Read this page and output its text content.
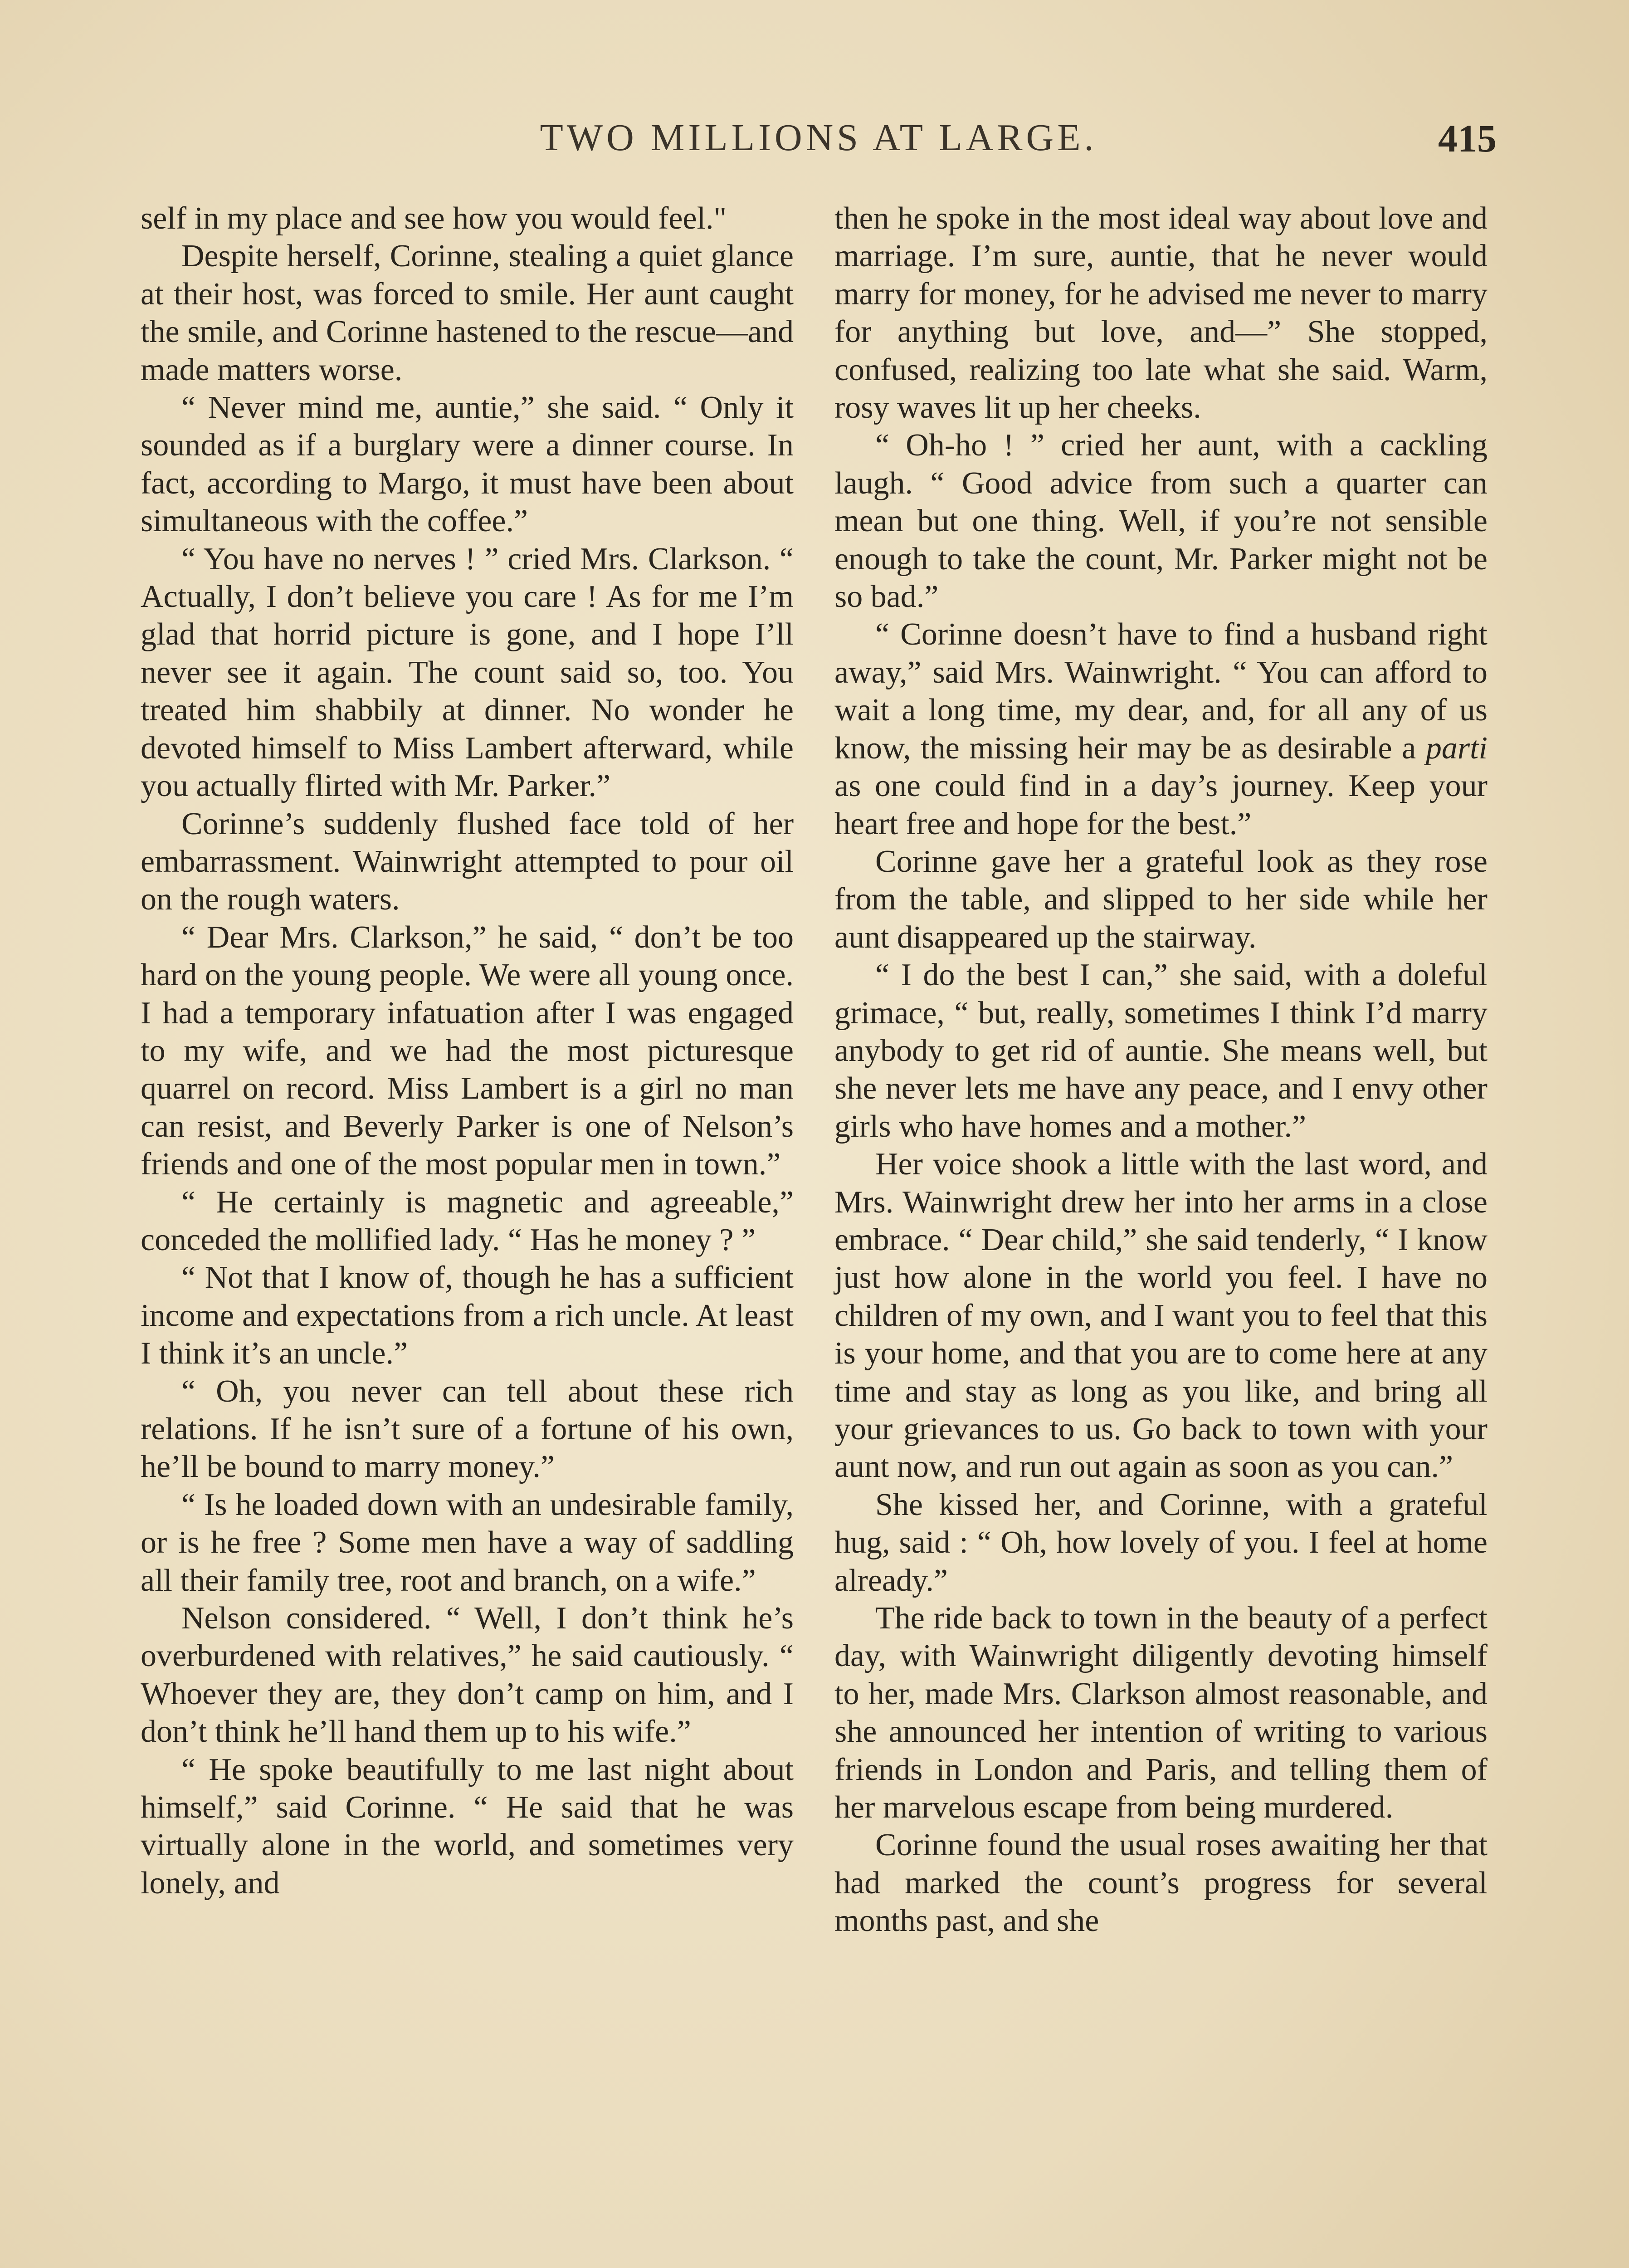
TWO MILLIONS AT LARGE.	415

self in my place and see how you would feel."

Despite herself, Corinne, stealing a quiet glance at their host, was forced to smile. Her aunt caught the smile, and Corinne hastened to the rescue—and made matters worse.

“ Never mind me, auntie,” she said. “ Only it sounded as if a burglary were a dinner course. In fact, according to Margo, it must have been about simultaneous with the coffee.”

“ You have no nerves ! ” cried Mrs. Clarkson. “ Actually, I don’t believe you care ! As for me I’m glad that horrid picture is gone, and I hope I’ll never see it again. The count said so, too. You treated him shabbily at dinner. No wonder he devoted himself to Miss Lambert afterward, while you actually flirted with Mr. Parker.”

Corinne’s suddenly flushed face told of her embarrassment. Wainwright attempted to pour oil on the rough waters.

“ Dear Mrs. Clarkson,” he said, “ don’t be too hard on the young people. We were all young once. I had a temporary infatuation after I was engaged to my wife, and we had the most picturesque quarrel on record. Miss Lambert is a girl no man can resist, and Beverly Parker is one of Nelson’s friends and one of the most popular men in town.”

“ He certainly is magnetic and agreeable,” conceded the mollified lady. “ Has he money ? ”

“ Not that I know of, though he has a sufficient income and expectations from a rich uncle. At least I think it’s an uncle.”

“ Oh, you never can tell about these rich relations. If he isn’t sure of a fortune of his own, he’ll be bound to marry money.”

“ Is he loaded down with an undesirable family, or is he free ? Some men have a way of saddling all their family tree, root and branch, on a wife.”

Nelson considered. “ Well, I don’t think he’s overburdened with relatives,” he said cautiously. “ Whoever they are, they don’t camp on him, and I don’t think he’ll hand them up to his wife.”

“ He spoke beautifully to me last night about himself,” said Corinne. “ He said that he was virtually alone in the world, and sometimes very lonely, and

then he spoke in the most ideal way about love and marriage. I’m sure, auntie, that he never would marry for money, for he advised me never to marry for anything but love, and—” She stopped, confused, realizing too late what she said. Warm, rosy waves lit up her cheeks.

“ Oh-ho ! ” cried her aunt, with a cackling laugh. “ Good advice from such a quarter can mean but one thing. Well, if you’re not sensible enough to take the count, Mr. Parker might not be so bad.”

“ Corinne doesn’t have to find a husband right away,” said Mrs. Wainwright. “ You can afford to wait a long time, my dear, and, for all any of us know, the missing heir may be as desirable a parti as one could find in a day’s journey. Keep your heart free and hope for the best.”

Corinne gave her a grateful look as they rose from the table, and slipped to her side while her aunt disappeared up the stairway.

“ I do the best I can,” she said, with a doleful grimace, “ but, really, sometimes I think I’d marry anybody to get rid of auntie. She means well, but she never lets me have any peace, and I envy other girls who have homes and a mother.”

Her voice shook a little with the last word, and Mrs. Wainwright drew her into her arms in a close embrace. “ Dear child,” she said tenderly, “ I know just how alone in the world you feel. I have no children of my own, and I want you to feel that this is your home, and that you are to come here at any time and stay as long as you like, and bring all your grievances to us. Go back to town with your aunt now, and run out again as soon as you can.”

She kissed her, and Corinne, with a grateful hug, said : “ Oh, how lovely of you. I feel at home already.”

The ride back to town in the beauty of a perfect day, with Wainwright diligently devoting himself to her, made Mrs. Clarkson almost reasonable, and she announced her intention of writing to various friends in London and Paris, and telling them of her marvelous escape from being murdered.

Corinne found the usual roses awaiting her that had marked the count’s progress for several months past, and she
